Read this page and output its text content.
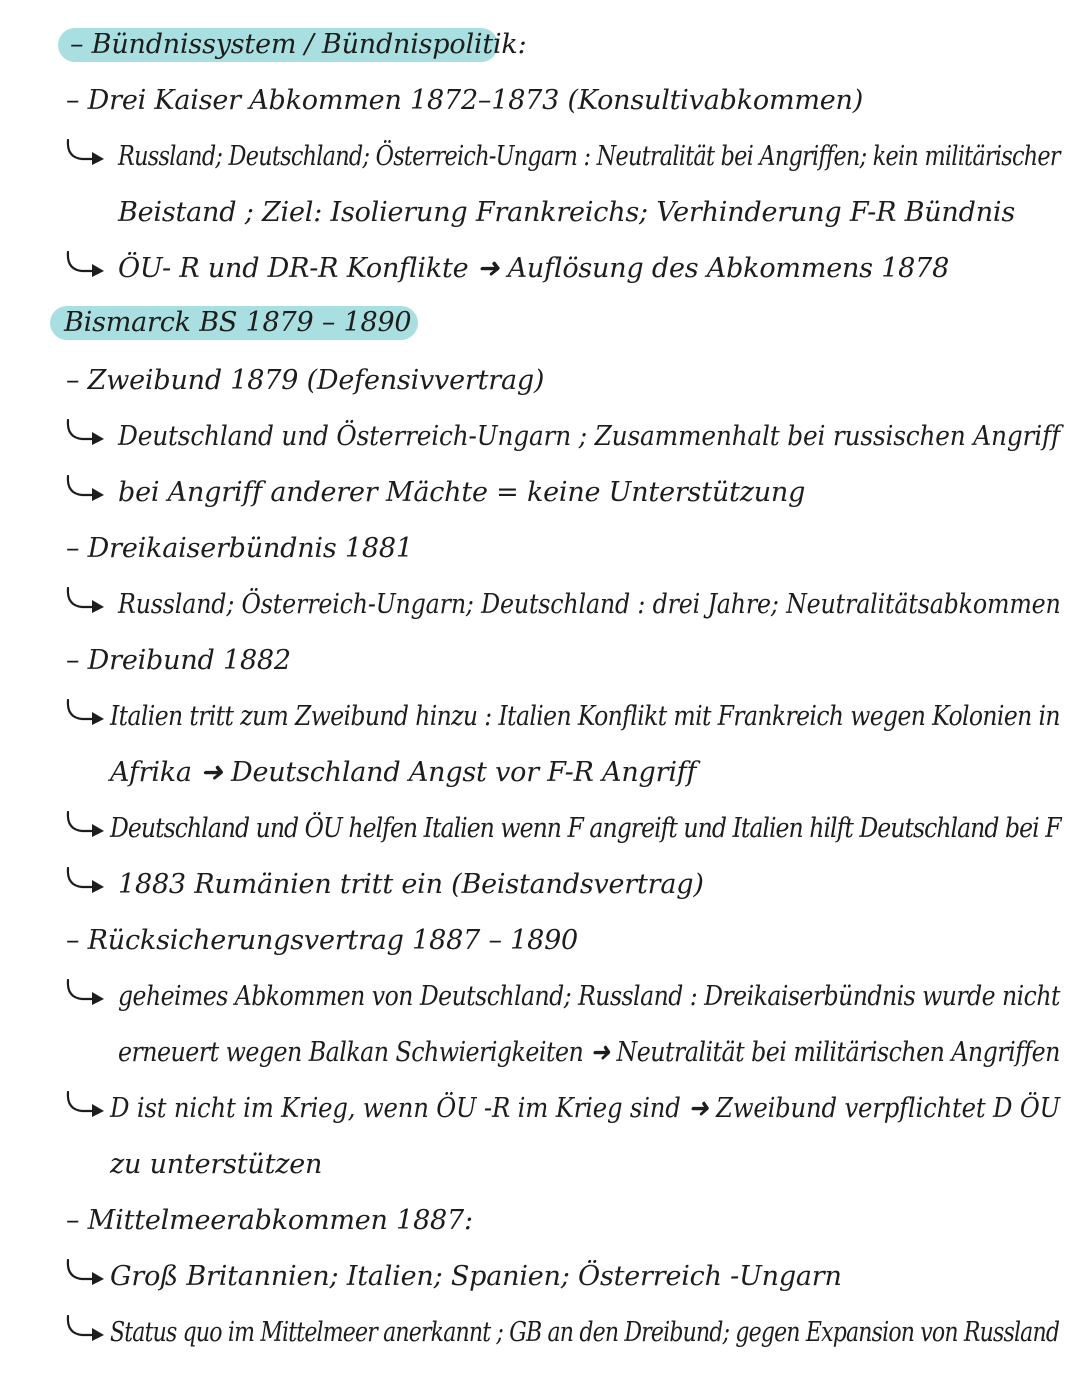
– Bündnissystem / Bündnispolitik:
– Drei Kaiser Abkommen 1872–1873 (Konsultivabkommen)
Russland; Deutschland; Österreich-Ungarn : Neutralität bei Angriffen; kein militärischer
Beistand ; Ziel: Isolierung Frankreichs; Verhinderung F-R Bündnis
ÖU- R und DR-R Konflikte ➜ Auflösung des Abkommens 1878
Bismarck BS 1879 – 1890
– Zweibund 1879 (Defensivvertrag)
Deutschland und Österreich-Ungarn ; Zusammenhalt bei russischen Angriff
bei Angriff anderer Mächte = keine Unterstützung
– Dreikaiserbündnis 1881
Russland; Österreich-Ungarn; Deutschland : drei Jahre; Neutralitätsabkommen
– Dreibund 1882
Italien tritt zum Zweibund hinzu : Italien Konflikt mit Frankreich wegen Kolonien in
Afrika ➜ Deutschland Angst vor F-R Angriff
Deutschland und ÖU helfen Italien wenn F angreift und Italien hilft Deutschland bei F
1883 Rumänien tritt ein (Beistandsvertrag)
– Rücksicherungsvertrag 1887 – 1890
geheimes Abkommen von Deutschland; Russland : Dreikaiserbündnis wurde nicht
erneuert wegen Balkan Schwierigkeiten ➜ Neutralität bei militärischen Angriffen
D ist nicht im Krieg, wenn ÖU -R im Krieg sind ➜ Zweibund verpflichtet D ÖU
zu unterstützen
– Mittelmeerabkommen 1887:
Groß Britannien; Italien; Spanien; Österreich -Ungarn
Status quo im Mittelmeer anerkannt ; GB an den Dreibund; gegen Expansion von Russland
